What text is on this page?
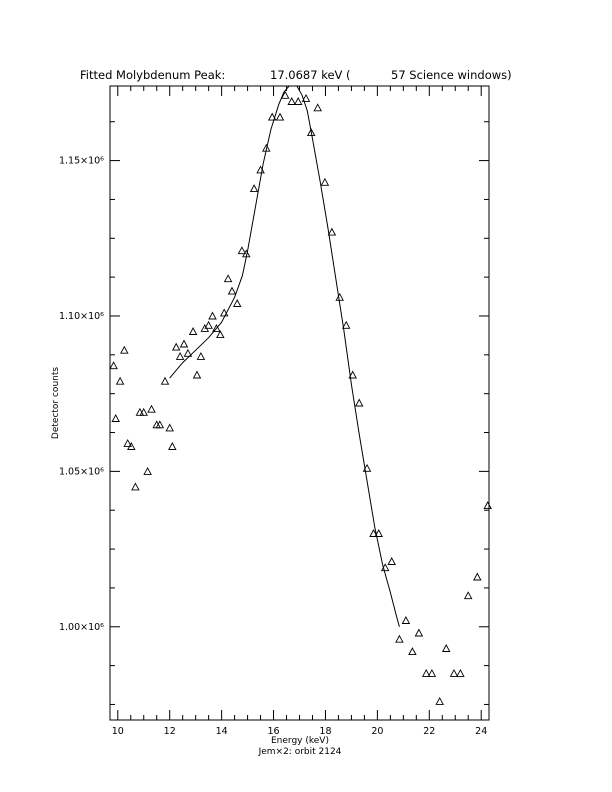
Fitted Molybdenum Peak:	17.0687 keV (	57 Science windows)
10	12	14	16	18	20	22	24
1.00×10⁶
1.05×10⁶
1.10×10⁶
1.15×10⁶
Detector counts
Energy (keV)
Jem×2: orbit 2124
